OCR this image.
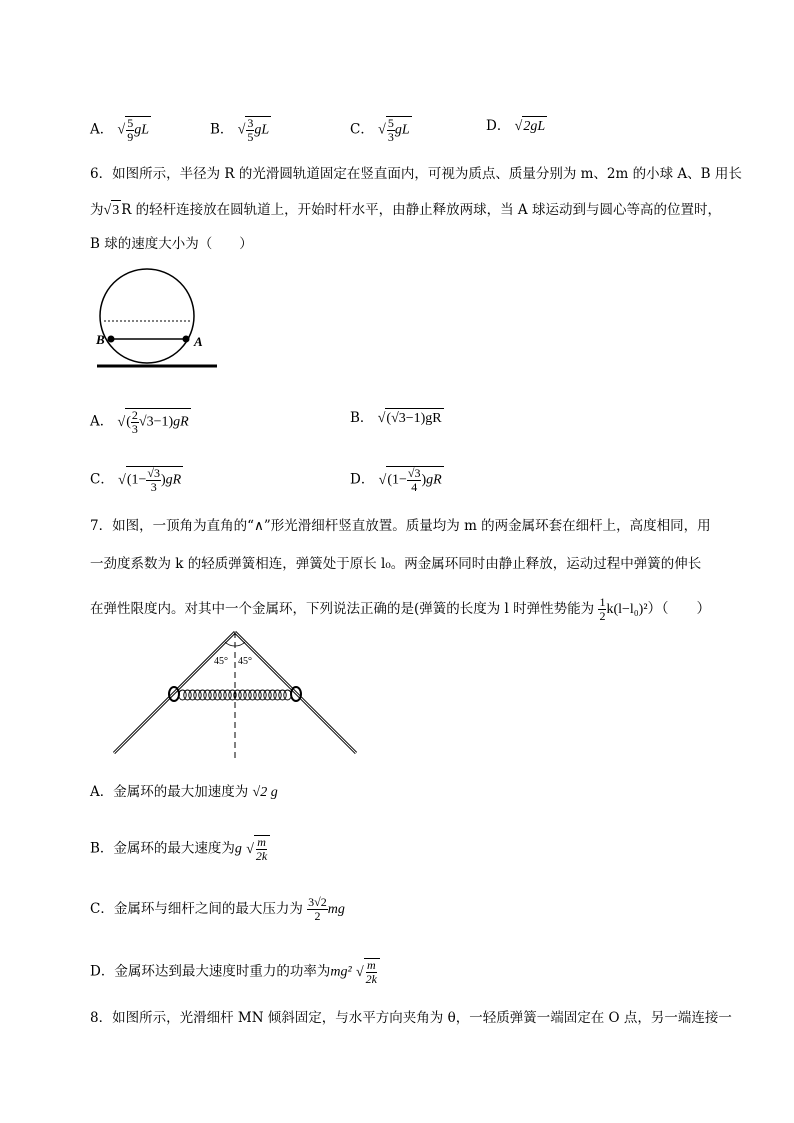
A． √ $\frac{5}{9}$ gL	B． √ $\frac{3}{5}$ gL	C． √ $\frac{5}{3}$ gL	D． √2gL
6．如图所示，半径为 R 的光滑圆轨道固定在竖直面内，可视为质点、质量分别为 m、2m 的小球 A、B 用长
为√3 R 的轻杆连接放在圆轨道上，开始时杆水平，由静止释放两球，当 A 球运动到与圆心等高的位置时，
B 球的速度大小为（　　）
B	A
A． √( $\frac{2}{3} √3-1)gR$	B． √(√3−1)gR
C． $√(1- \frac{√3}{3} )gR$	D． $√(1- \frac{√3}{4} )gR$
7．如图，一顶角为直角的“∧”形光滑细杆竖直放置。质量均为 m 的两金属环套在细杆上，高度相同，用
一劲度系数为 k 的轻质弹簧相连，弹簧处于原长 l₀。两金属环同时由静止释放，运动过程中弹簧的伸长
在弹性限度内。对其中一个金属环，下列说法正确的是(弹簧的长度为 l 时弹性势能为 $\frac{1}{2} k(l-l_0)^2$）（　　）
45° 45°
A．金属环的最大加速度为 √2 g
B．金属环的最大速度为g √ $\frac{m}{2k}$
C．金属环与细杆之间的最大压力为 $\frac{3√2}{2}$ mg
D．金属环达到最大速度时重力的功率为mg² √ $\frac{m}{2k}$
8．如图所示，光滑细杆 MN 倾斜固定，与水平方向夹角为 θ，一轻质弹簧一端固定在 O 点，另一端连接一
